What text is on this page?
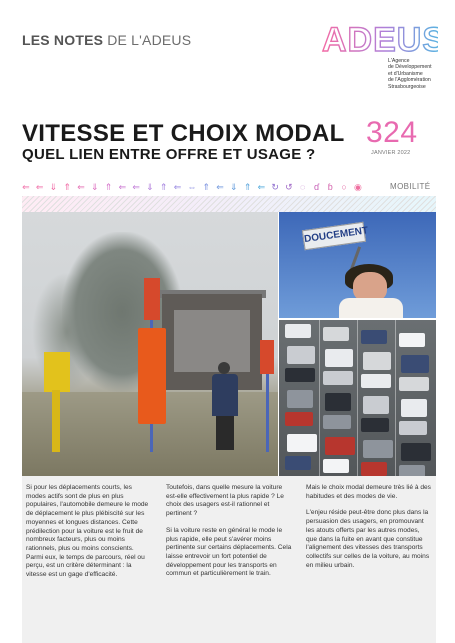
LES NOTES DE L'ADEUS	ADEUS
L'Agence
de Développement
et d'Urbanisme
de l'Agglomération
Strasbourgeoise
VITESSE ET CHOIX MODAL
QUEL LIEN ENTRE OFFRE ET USAGE ?
324
JANVIER 2022
⇐ ⇐ ⇓ ⇑ ⇐ ⇓ ⇑ ⇐ ⇐ ⇓ ⇑ ⇐ ⇔ ⇑ ⇐ ⇓ ⇑ ⇐ ↻ ↺ ◌ ɗ ɓ ○ ◉	MOBILITÉ
DOUCEMENT

Si pour les déplacements courts, les modes actifs sont de plus en plus populaires, l'automobile demeure le mode de déplacement le plus plébiscité sur les moyennes et longues distances. Cette prédilection pour la voiture est le fruit de nombreux facteurs, plus ou moins rationnels, plus ou moins conscients. Parmi eux, le temps de parcours, réel ou perçu, est un critère déterminant : la vitesse est un gage d'efficacité.

Toutefois, dans quelle mesure la voiture est-elle effectivement la plus rapide ? Le choix des usagers est-il rationnel et pertinent ?

Si la voiture reste en général le mode le plus rapide, elle peut s'avérer moins pertinente sur certains déplacements. Cela laisse entrevoir un fort potentiel de développement pour les transports en commun et particulièrement le train.

Mais le choix modal demeure très lié à des habitudes et des modes de vie.

L'enjeu réside peut-être donc plus dans la persuasion des usagers, en promouvant les atouts offerts par les autres modes, que dans la fuite en avant que constitue l'alignement des vitesses des transports collectifs sur celles de la voiture, au moins en milieu urbain.
